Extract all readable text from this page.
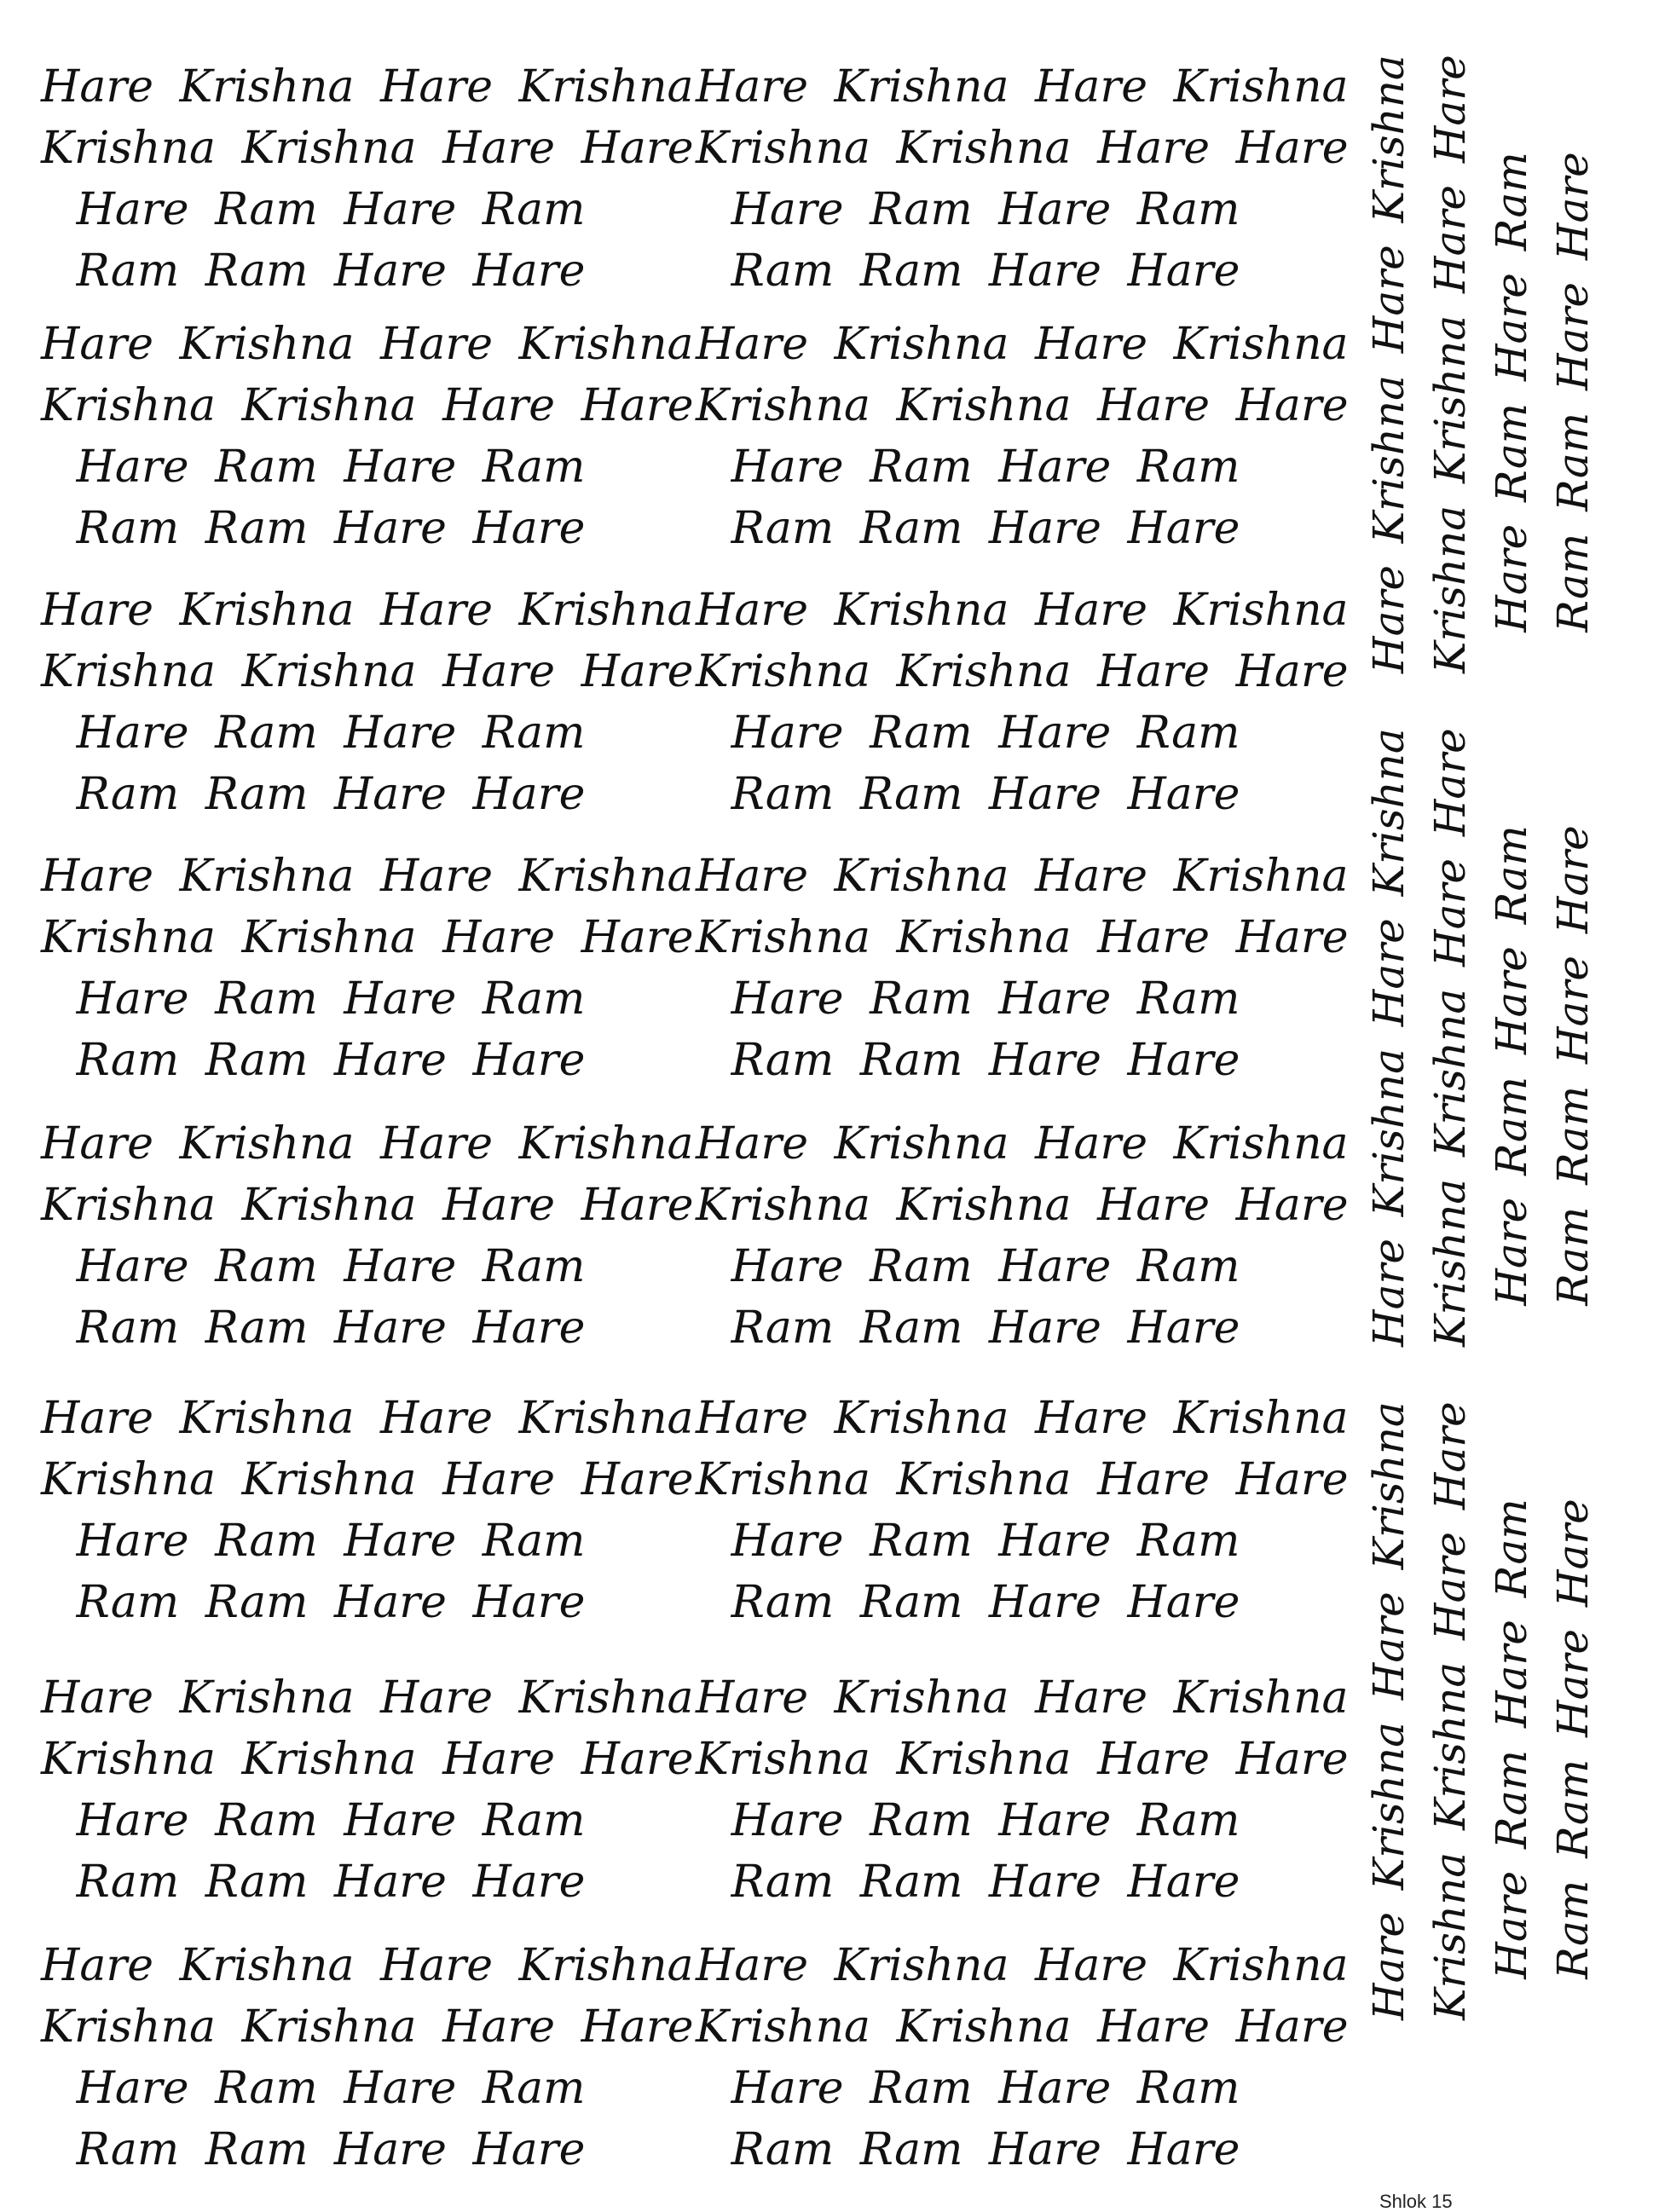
Hare Krishna Hare Krishna
Krishna Krishna Hare Hare
Hare Ram Hare Ram
Ram Ram Hare Hare
Hare Krishna Hare Krishna
Krishna Krishna Hare Hare
Hare Ram Hare Ram
Ram Ram Hare Hare
Hare Krishna Hare Krishna
Krishna Krishna Hare Hare
Hare Ram Hare Ram
Ram Ram Hare Hare
Hare Krishna Hare Krishna
Krishna Krishna Hare Hare
Hare Ram Hare Ram
Ram Ram Hare Hare
Hare Krishna Hare Krishna
Krishna Krishna Hare Hare
Hare Ram Hare Ram
Ram Ram Hare Hare
Hare Krishna Hare Krishna
Krishna Krishna Hare Hare
Hare Ram Hare Ram
Ram Ram Hare Hare
Hare Krishna Hare Krishna
Krishna Krishna Hare Hare
Hare Ram Hare Ram
Ram Ram Hare Hare
Hare Krishna Hare Krishna
Krishna Krishna Hare Hare
Hare Ram Hare Ram
Ram Ram Hare Hare
Hare Krishna Hare Krishna
Krishna Krishna Hare Hare
Hare Ram Hare Ram
Ram Ram Hare Hare
Hare Krishna Hare Krishna
Krishna Krishna Hare Hare
Hare Ram Hare Ram
Ram Ram Hare Hare
Hare Krishna Hare Krishna
Krishna Krishna Hare Hare
Hare Ram Hare Ram
Ram Ram Hare Hare
Hare Krishna Hare Krishna
Krishna Krishna Hare Hare
Hare Ram Hare Ram
Ram Ram Hare Hare
Hare Krishna Hare Krishna
Krishna Krishna Hare Hare
Hare Ram Hare Ram
Ram Ram Hare Hare
Hare Krishna Hare Krishna
Krishna Krishna Hare Hare
Hare Ram Hare Ram
Ram Ram Hare Hare
Hare Krishna Hare Krishna
Krishna Krishna Hare Hare
Hare Ram Hare Ram
Ram Ram Hare Hare
Hare Krishna Hare Krishna
Krishna Krishna Hare Hare
Hare Ram Hare Ram
Ram Ram Hare Hare
Hare Krishna Hare Krishna Krishna Krishna Hare Hare Hare Ram Hare Ram Ram Ram Hare Hare
Hare Krishna Hare Krishna Krishna Krishna Hare Hare Hare Ram Hare Ram Ram Ram Hare Hare
Hare Krishna Hare Krishna Krishna Krishna Hare Hare Hare Ram Hare Ram Ram Ram Hare Hare
Shlok 15
